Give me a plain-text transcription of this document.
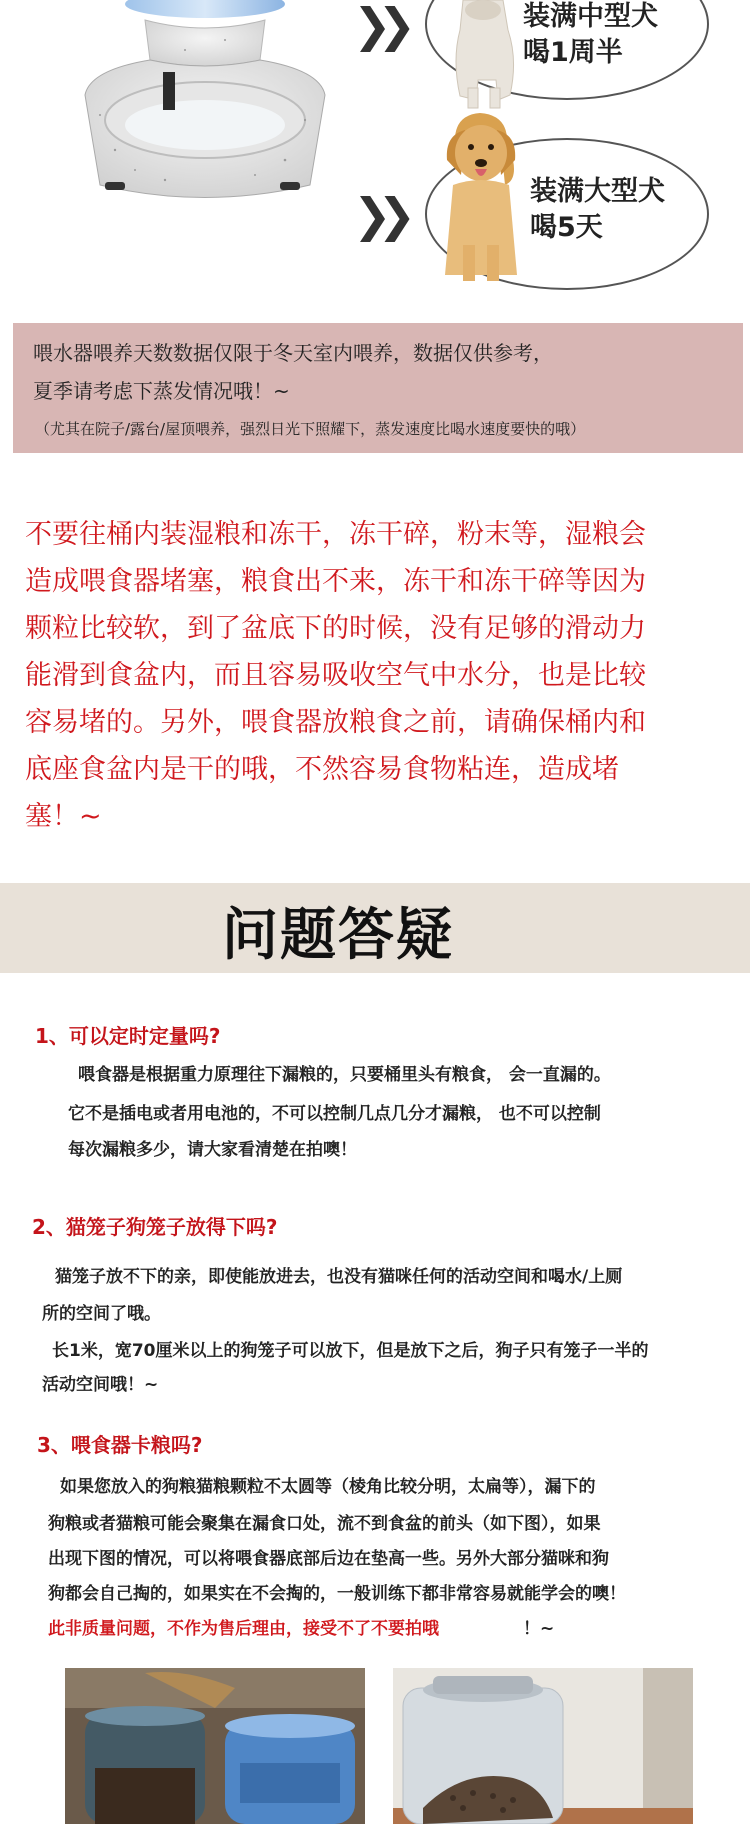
❯❯
❯❯
装满中型犬
喝1周半
装满大型犬
喝5天
喂水器喂养天数数据仅限于冬天室内喂养，数据仅供参考，
夏季请考虑下蒸发情况哦！~
（尤其在院子/露台/屋顶喂养，强烈日光下照耀下，蒸发速度比喝水速度要快的哦）
不要往桶内装湿粮和冻干，冻干碎，粉末等，湿粮会
造成喂食器堵塞，粮食出不来，冻干和冻干碎等因为
颗粒比较软，到了盆底下的时候，没有足够的滑动力
能滑到食盆内，而且容易吸收空气中水分，也是比较
容易堵的。另外，喂食器放粮食之前，请确保桶内和
底座食盆内是干的哦，不然容易食物粘连，造成堵
塞！~
问题答疑
1、可以定时定量吗?
喂食器是根据重力原理往下漏粮的，只要桶里头有粮食， 会一直漏的。
它不是插电或者用电池的，不可以控制几点几分才漏粮， 也不可以控制
每次漏粮多少，请大家看清楚在拍噢！
2、猫笼子狗笼子放得下吗?
猫笼子放不下的亲，即使能放进去，也没有猫咪任何的活动空间和喝水/上厕
所的空间了哦。
长1米，宽70厘米以上的狗笼子可以放下，但是放下之后，狗子只有笼子一半的
活动空间哦！~
3、喂食器卡粮吗?
如果您放入的狗粮猫粮颗粒不太圆等（棱角比较分明，太扁等），漏下的
狗粮或者猫粮可能会聚集在漏食口处，流不到食盆的前头（如下图），如果
出现下图的情况，可以将喂食器底部后边在垫高一些。另外大部分猫咪和狗
狗都会自己掏的，如果实在不会掏的，一般训练下都非常容易就能学会的噢！
此非质量问题，不作为售后理由，接受不了不要拍哦	！~
